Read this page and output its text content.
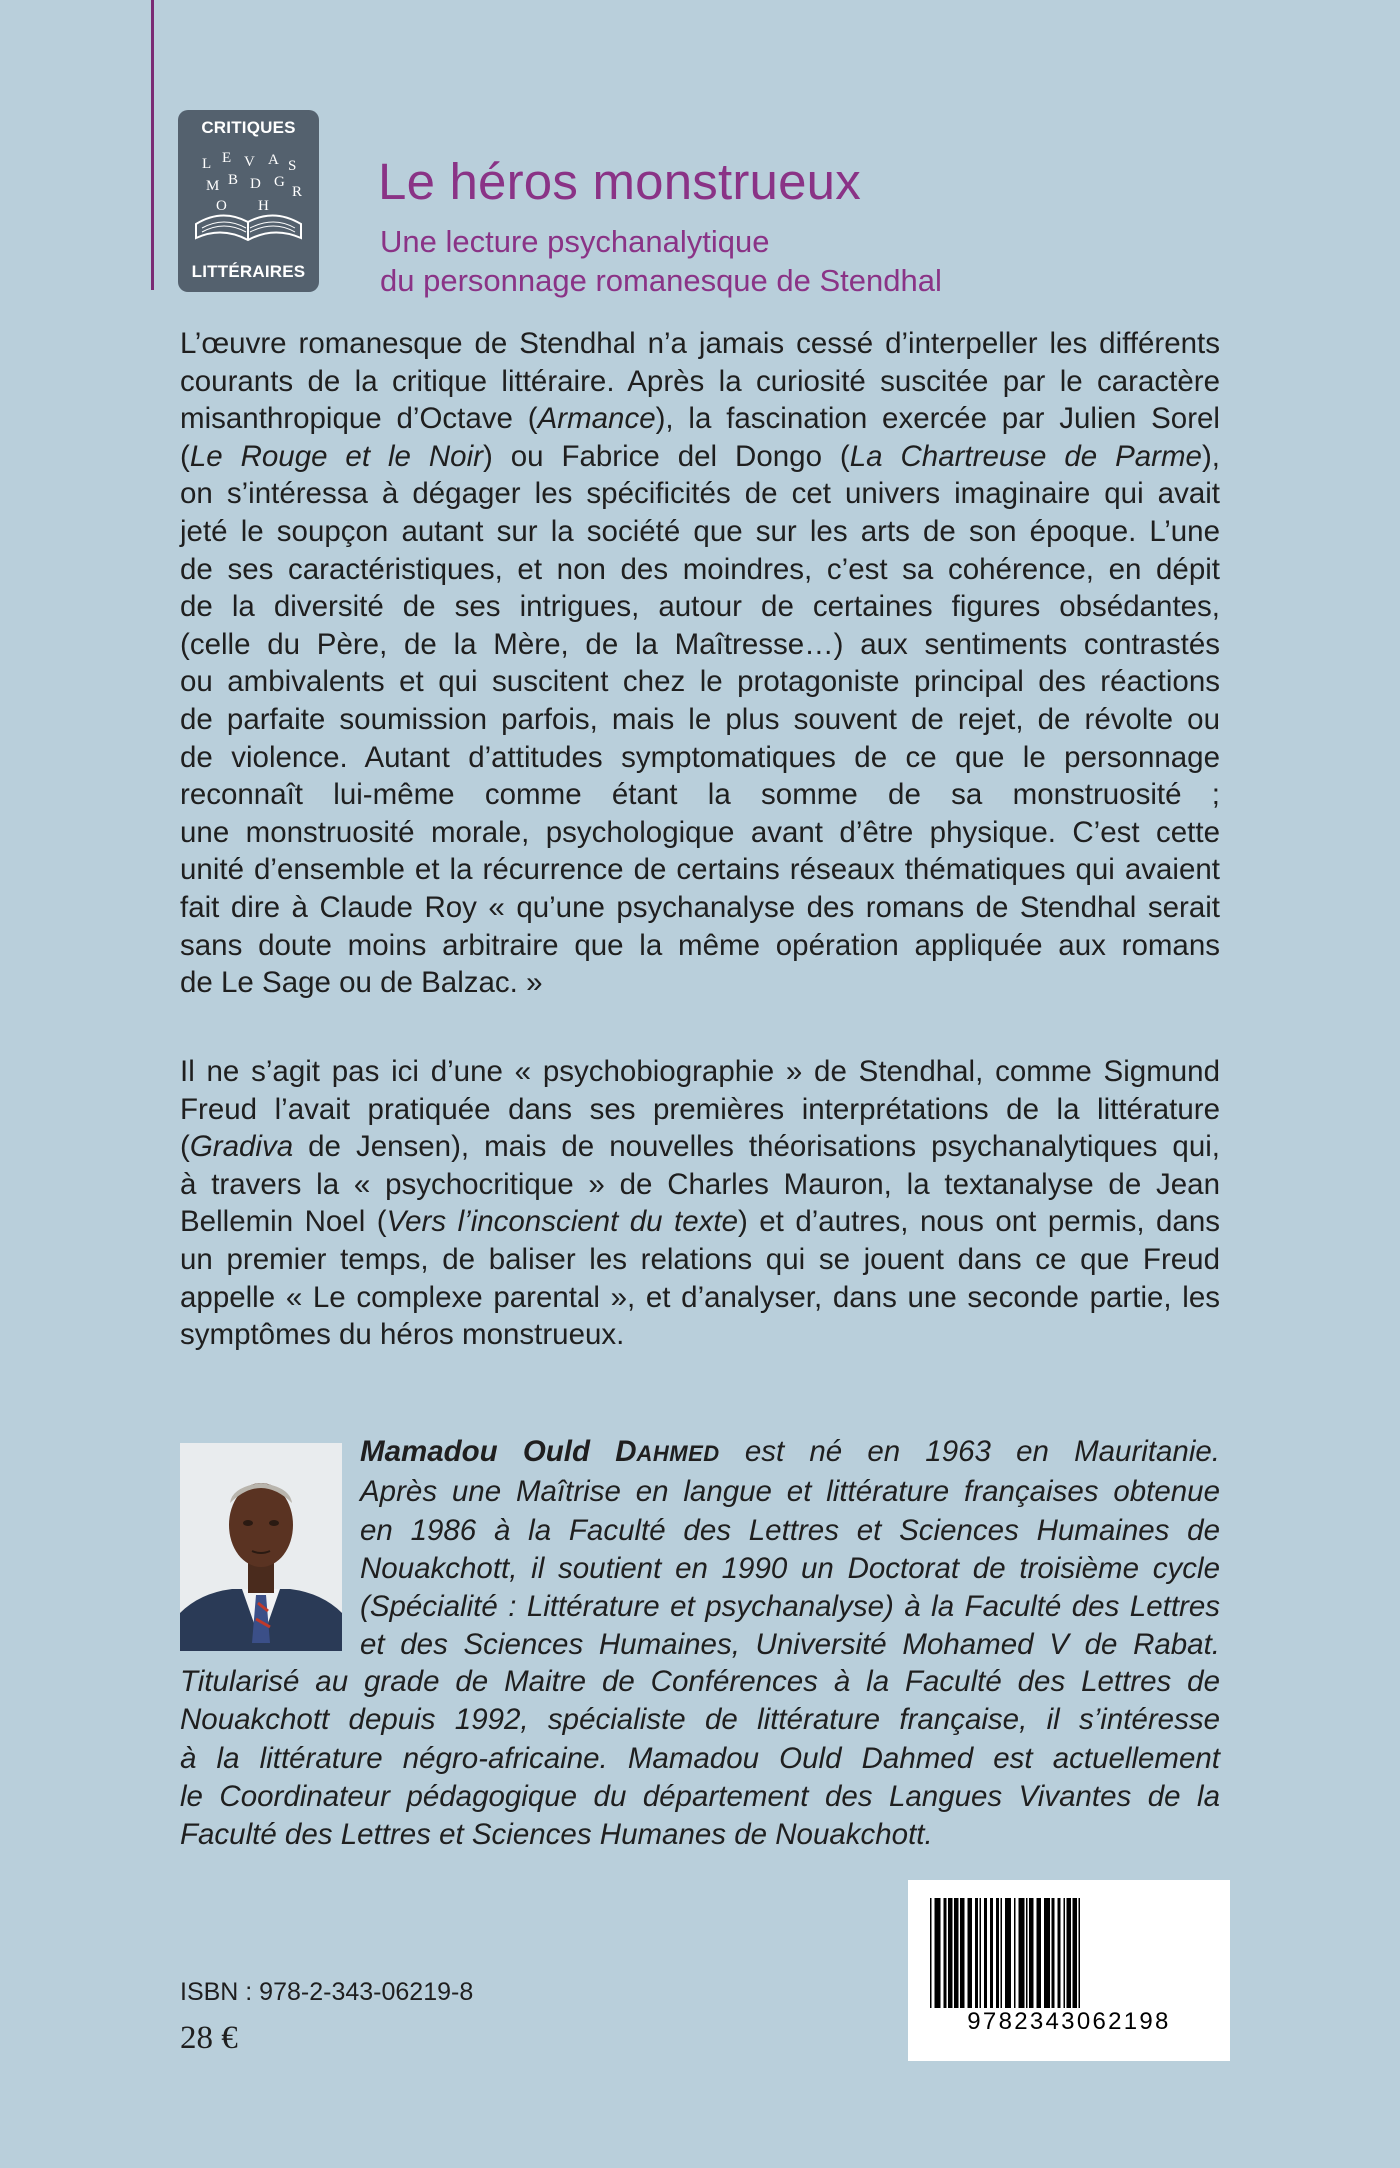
CRITIQUES
L E V A S
M B D G
R
O H
LITTÉRAIRES
Le héros monstrueux
Une lecture psychanalytique
du personnage romanesque de Stendhal
L’œuvre romanesque de Stendhal n’a jamais cessé d’interpeller les différents
courants de la critique littéraire. Après la curiosité suscitée par le caractère
misanthropique d’Octave (Armance), la fascination exercée par Julien Sorel
(Le Rouge et le Noir) ou Fabrice del Dongo (La Chartreuse de Parme),
on s’intéressa à dégager les spécificités de cet univers imaginaire qui avait
jeté le soupçon autant sur la société que sur les arts de son époque. L’une
de ses caractéristiques, et non des moindres, c’est sa cohérence, en dépit
de la diversité de ses intrigues, autour de certaines figures obsédantes,
(celle du Père, de la Mère, de la Maîtresse…) aux sentiments contrastés
ou ambivalents et qui suscitent chez le protagoniste principal des réactions
de parfaite soumission parfois, mais le plus souvent de rejet, de révolte ou
de violence. Autant d’attitudes symptomatiques de ce que le personnage
reconnaît lui-même comme étant la somme de sa monstruosité ;
une monstruosité morale, psychologique avant d’être physique. C’est cette
unité d’ensemble et la récurrence de certains réseaux thématiques qui avaient
fait dire à Claude Roy « qu’une psychanalyse des romans de Stendhal serait
sans doute moins arbitraire que la même opération appliquée aux romans
de Le Sage ou de Balzac. »
Il ne s’agit pas ici d’une « psychobiographie » de Stendhal, comme Sigmund
Freud l’avait pratiquée dans ses premières interprétations de la littérature
(Gradiva de Jensen), mais de nouvelles théorisations psychanalytiques qui,
à travers la « psychocritique » de Charles Mauron, la textanalyse de Jean
Bellemin Noel (Vers l’inconscient du texte) et d’autres, nous ont permis, dans
un premier temps, de baliser les relations qui se jouent dans ce que Freud
appelle « Le complexe parental », et d’analyser, dans une seconde partie, les
symptômes du héros monstrueux.
Mamadou Ould DAHMED est né en 1963 en Mauritanie.
Après une Maîtrise en langue et littérature françaises obtenue
en 1986 à la Faculté des Lettres et Sciences Humaines de
Nouakchott, il soutient en 1990 un Doctorat de troisième cycle
(Spécialité : Littérature et psychanalyse) à la Faculté des Lettres
et des Sciences Humaines, Université Mohamed V de Rabat.
Titularisé au grade de Maitre de Conférences à la Faculté des Lettres de
Nouakchott depuis 1992, spécialiste de littérature française, il s’intéresse
à la littérature négro-africaine. Mamadou Ould Dahmed est actuellement
le Coordinateur pédagogique du département des Langues Vivantes de la
Faculté des Lettres et Sciences Humanes de Nouakchott.
ISBN : 978-2-343-06219-8
28 €	9782343062198
